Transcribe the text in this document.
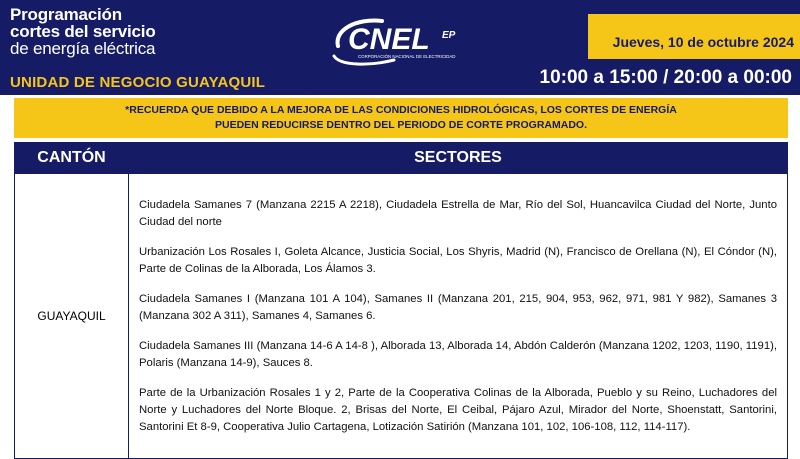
Programación
cortes del servicio
de energía eléctrica
UNIDAD DE NEGOCIO GUAYAQUIL
CNEL EP
CORPORACIÓN NACIONAL DE ELECTRICIDAD
Jueves, 10 de octubre 2024
10:00 a 15:00 / 20:00 a 00:00
*RECUERDA QUE DEBIDO A LA MEJORA DE LAS CONDICIONES HIDROLÓGICAS, LOS CORTES DE ENERGÍA
PUEDEN REDUCIRSE DENTRO DEL PERIODO DE CORTE PROGRAMADO.
CANTÓN	SECTORES
GUAYAQUIL	Ciudadela Samanes 7 (Manzana 2215 A 2218), Ciudadela Estrella de Mar, Río del Sol, Huancavilca Ciudad del Norte, Junto Ciudad del norte

Urbanización Los Rosales I, Goleta Alcance, Justicia Social, Los Shyris, Madrid (N), Francisco de Orellana (N), El Cóndor (N), Parte de Colinas de la Alborada, Los Álamos 3.

Ciudadela Samanes I (Manzana 101 A 104), Samanes II (Manzana 201, 215, 904, 953, 962, 971, 981 Y 982), Samanes 3 (Manzana 302 A 311), Samanes 4, Samanes 6.

Ciudadela Samanes III (Manzana 14-6 A 14-8 ), Alborada 13, Alborada 14, Abdón Calderón (Manzana 1202, 1203, 1190, 1191), Polaris (Manzana 14-9), Sauces 8.

Parte de la Urbanización Rosales 1 y 2, Parte de la Cooperativa Colinas de la Alborada, Pueblo y su Reino, Luchadores del Norte y Luchadores del Norte Bloque. 2, Brisas del Norte, El Ceibal, Pájaro Azul, Mirador del Norte, Shoenstatt, Santorini, Santorini Et 8-9, Cooperativa Julio Cartagena, Lotización Satirión (Manzana 101, 102, 106-108, 112, 114-117).
